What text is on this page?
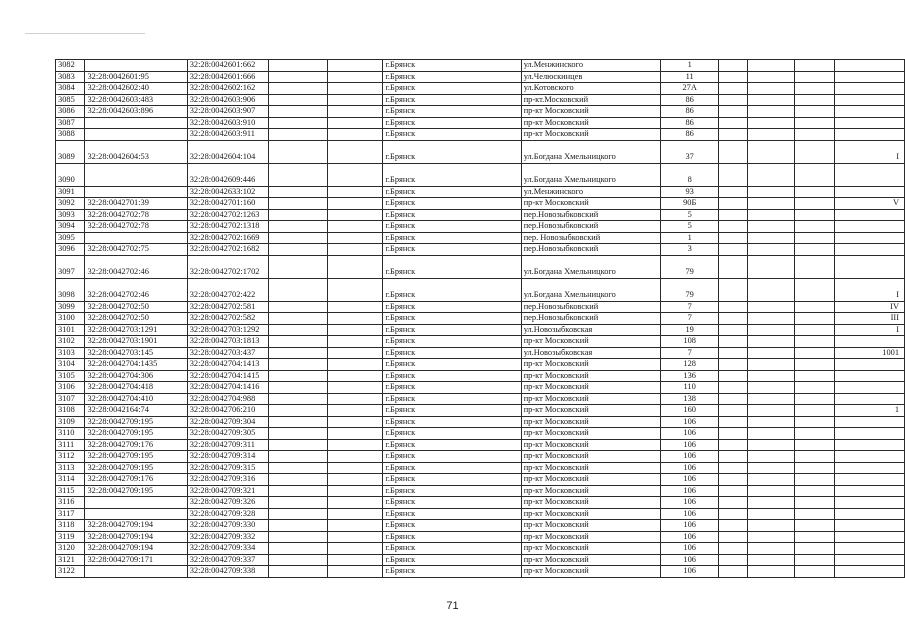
3082		32:28:0042601:662			г.Брянск	ул.Менжинского	1				
3083	32:28:0042601:95	32:28:0042601:666			г.Брянск	ул.Челюскинцев	11				
3084	32:28:0042602:40	32:28:0042602:162			г.Брянск	ул.Котовского	27А				
3085	32:28:0042603:483	32:28:0042603:906			г.Брянск	пр-кт.Московский	86				
3086	32:28:0042603:896	32:28:0042603:907			г.Брянск	пр-кт Московский	86				
3087		32:28:0042603:910			г.Брянск	пр-кт Московский	86				
3088		32:28:0042603:911			г.Брянск	пр-кт Московский	86				
3089	32:28:0042604:53	32:28:0042604:104			г.Брянск	ул.Богдана Хмельницкого	37				I
3090		32:28:0042609:446			г.Брянск	ул.Богдана Хмельницкого	8				
3091		32:28:0042633:102			г.Брянск	ул.Менжинского	93				
3092	32:28:0042701:39	32:28:0042701:160			г.Брянск	пр-кт Московский	90Б				V
3093	32:28:0042702:78	32:28:0042702:1263			г.Брянск	пер.Новозыбковский	5				
3094	32:28:0042702:78	32:28:0042702:1318			г.Брянск	пер.Новозыбковский	5				
3095		32:28:0042702:1669			г.Брянск	пер. Новозыбковский	1				
3096	32:28:0042702:75	32:28:0042702:1682			г.Брянск	пер.Новозыбковский	3				
3097	32:28:0042702:46	32:28:0042702:1702			г.Брянск	ул.Богдана Хмельницкого	79				
3098	32:28:0042702:46	32:28:0042702:422			г.Брянск	ул.Богдана Хмельницкого	79				I
3099	32:28:0042702:50	32:28:0042702:581			г.Брянск	пер.Новозыбковский	7				IV
3100	32:28:0042702:50	32:28:0042702:582			г.Брянск	пер.Новозыбковский	7				III
3101	32:28:0042703:1291	32:28:0042703:1292			г.Брянск	ул.Новозыбковская	19				I
3102	32:28:0042703:1901	32:28:0042703:1813			г.Брянск	пр-кт Московский	108				
3103	32:28:0042703:145	32:28:0042703:437			г.Брянск	ул.Новозыбковская	7				1001
3104	32:28:0042704:1435	32:28:0042704:1413			г.Брянск	пр-кт Московский	128				
3105	32:28:0042704:306	32:28:0042704:1415			г.Брянск	пр-кт Московский	136				
3106	32:28:0042704:418	32:28:0042704:1416			г.Брянск	пр-кт Московский	110				
3107	32:28:0042704:410	32:28:0042704:988			г.Брянск	пр-кт Московский	138				
3108	32:28:0042164:74	32:28:0042706:210			г.Брянск	пр-кт Московский	160				1
3109	32:28:0042709:195	32:28:0042709:304			г.Брянск	пр-кт Московский	106				
3110	32:28:0042709:195	32:28:0042709:305			г.Брянск	пр-кт Московский	106				
3111	32:28:0042709:176	32:28:0042709:311			г.Брянск	пр-кт Московский	106				
3112	32:28:0042709:195	32:28:0042709:314			г.Брянск	пр-кт Московский	106				
3113	32:28:0042709:195	32:28:0042709:315			г.Брянск	пр-кт Московский	106				
3114	32:28:0042709:176	32:28:0042709:316			г.Брянск	пр-кт Московский	106				
3115	32:28:0042709:195	32:28:0042709:321			г.Брянск	пр-кт Московский	106				
3116		32:28:0042709:326			г.Брянск	пр-кт Московский	106				
3117		32:28:0042709:328			г.Брянск	пр-кт Московский	106				
3118	32:28:0042709:194	32:28:0042709:330			г.Брянск	пр-кт Московский	106				
3119	32:28:0042709:194	32:28:0042709:332			г.Брянск	пр-кт Московский	106				
3120	32:28:0042709:194	32:28:0042709:334			г.Брянск	пр-кт Московский	106				
3121	32:28:0042709:171	32:28:0042709:337			г.Брянск	пр-кт Московский	106				
3122		32:28:0042709:338			г.Брянск	пр-кт Московский	106				
71
